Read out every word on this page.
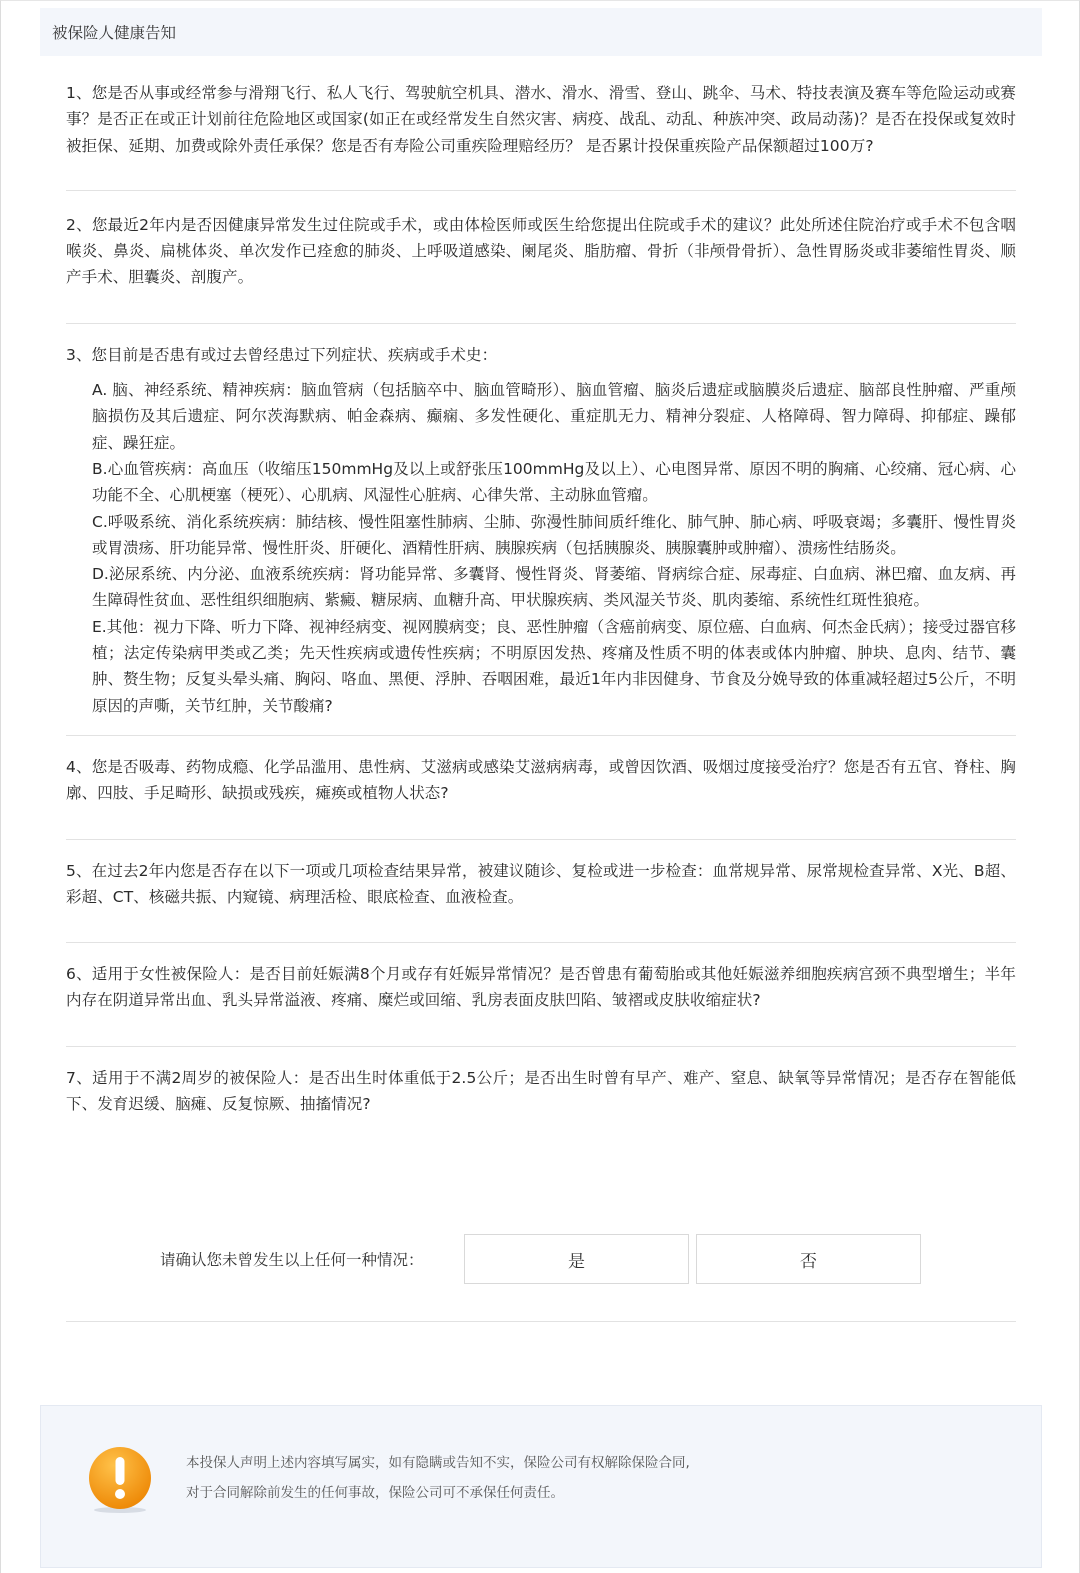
被保险人健康告知
1、您是否从事或经常参与滑翔飞行、私人飞行、驾驶航空机具、潜水、滑水、滑雪、登山、跳伞、马术、特技表演及赛车等危险运动或赛事？是否正在或正计划前往危险地区或国家(如正在或经常发生自然灾害、病疫、战乱、动乱、种族冲突、政局动荡)？是否在投保或复效时被拒保、延期、加费或除外责任承保？您是否有寿险公司重疾险理赔经历？ 是否累计投保重疾险产品保额超过100万?
2、您最近2年内是否因健康异常发生过住院或手术，或由体检医师或医生给您提出住院或手术的建议？此处所述住院治疗或手术不包含咽喉炎、鼻炎、扁桃体炎、单次发作已痊愈的肺炎、上呼吸道感染、阑尾炎、脂肪瘤、骨折（非颅骨骨折）、急性胃肠炎或非萎缩性胃炎、顺产手术、胆囊炎、剖腹产。
3、您目前是否患有或过去曾经患过下列症状、疾病或手术史：
A. 脑、神经系统、精神疾病：脑血管病（包括脑卒中、脑血管畸形）、脑血管瘤、脑炎后遗症或脑膜炎后遗症、脑部良性肿瘤、严重颅脑损伤及其后遗症、阿尔茨海默病、帕金森病、癫痫、多发性硬化、重症肌无力、精神分裂症、人格障碍、智力障碍、抑郁症、躁郁症、躁狂症。
B.心血管疾病：高血压（收缩压150mmHg及以上或舒张压100mmHg及以上）、心电图异常、原因不明的胸痛、心绞痛、冠心病、心功能不全、心肌梗塞（梗死）、心肌病、风湿性心脏病、心律失常、主动脉血管瘤。
C.呼吸系统、消化系统疾病：肺结核、慢性阻塞性肺病、尘肺、弥漫性肺间质纤维化、肺气肿、肺心病、呼吸衰竭；多囊肝、慢性胃炎或胃溃疡、肝功能异常、慢性肝炎、肝硬化、酒精性肝病、胰腺疾病（包括胰腺炎、胰腺囊肿或肿瘤）、溃疡性结肠炎。
D.泌尿系统、内分泌、血液系统疾病：肾功能异常、多囊肾、慢性肾炎、肾萎缩、肾病综合症、尿毒症、白血病、淋巴瘤、血友病、再生障碍性贫血、恶性组织细胞病、紫癜、糖尿病、血糖升高、甲状腺疾病、类风湿关节炎、肌肉萎缩、系统性红斑性狼疮。
E.其他：视力下降、听力下降、视神经病变、视网膜病变；良、恶性肿瘤（含癌前病变、原位癌、白血病、何杰金氏病）；接受过器官移植；法定传染病甲类或乙类；先天性疾病或遗传性疾病；不明原因发热、疼痛及性质不明的体表或体内肿瘤、肿块、息肉、结节、囊肿、赘生物；反复头晕头痛、胸闷、咯血、黑便、浮肿、吞咽困难，最近1年内非因健身、节食及分娩导致的体重减轻超过5公斤，不明原因的声嘶，关节红肿，关节酸痛?
4、您是否吸毒、药物成瘾、化学品滥用、患性病、艾滋病或感染艾滋病病毒，或曾因饮酒、吸烟过度接受治疗？您是否有五官、脊柱、胸廓、四肢、手足畸形、缺损或残疾，瘫痪或植物人状态?
5、在过去2年内您是否存在以下一项或几项检查结果异常，被建议随诊、复检或进一步检查：血常规异常、尿常规检查异常、X光、B超、彩超、CT、核磁共振、内窥镜、病理活检、眼底检查、血液检查。
6、适用于女性被保险人：是否目前妊娠满8个月或存有妊娠异常情况？是否曾患有葡萄胎或其他妊娠滋养细胞疾病宫颈不典型增生；半年内存在阴道异常出血、乳头异常溢液、疼痛、糜烂或回缩、乳房表面皮肤凹陷、皱褶或皮肤收缩症状?
7、适用于不满2周岁的被保险人：是否出生时体重低于2.5公斤；是否出生时曾有早产、难产、窒息、缺氧等异常情况；是否存在智能低下、发育迟缓、脑瘫、反复惊厥、抽搐情况?
请确认您未曾发生以上任何一种情况：	是	否
本投保人声明上述内容填写属实，如有隐瞒或告知不实，保险公司有权解除保险合同,
对于合同解除前发生的任何事故，保险公司可不承保任何责任。
